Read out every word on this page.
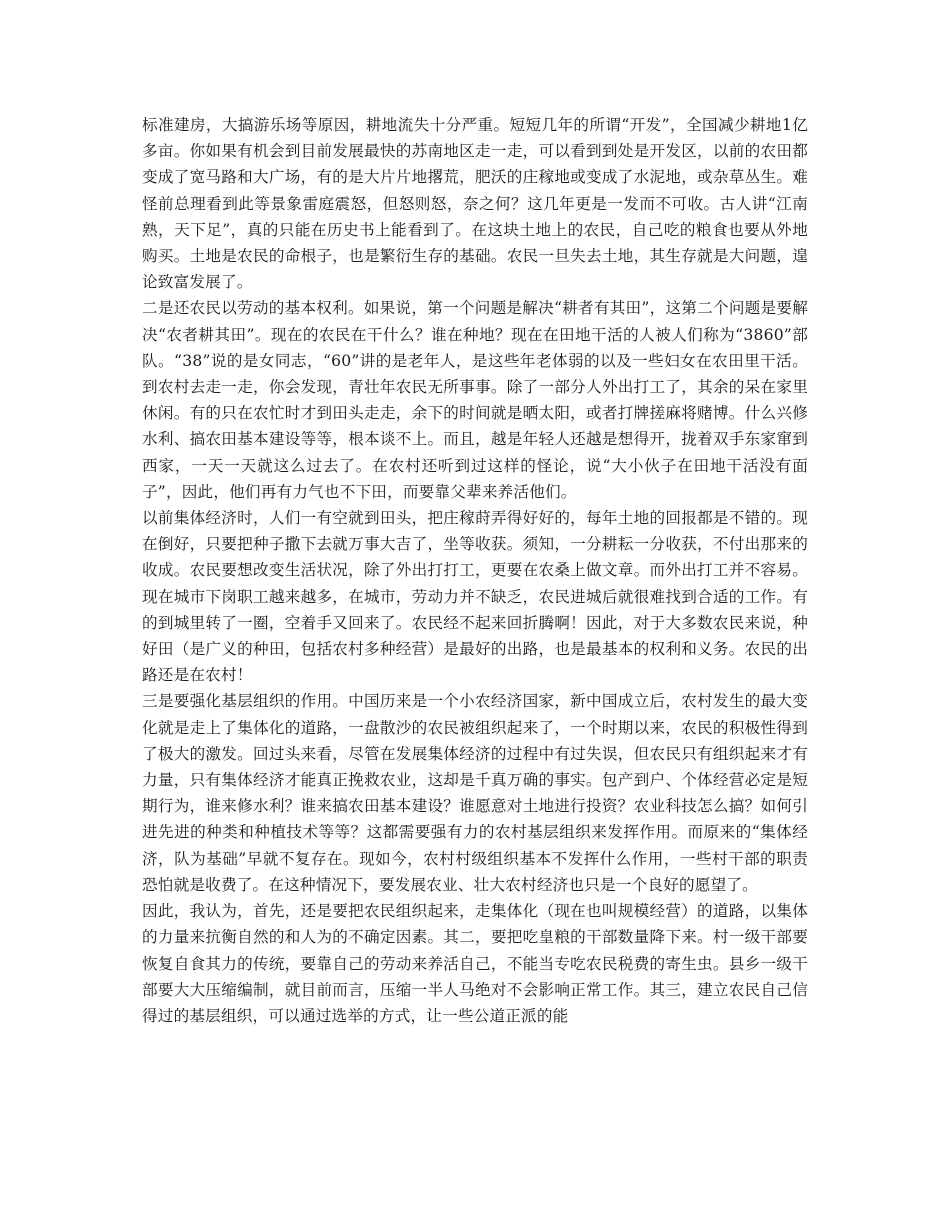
标准建房，大搞游乐场等原因，耕地流失十分严重。短短几年的所谓“开发”，全国减少耕地1亿多亩。你如果有机会到目前发展最快的苏南地区走一走，可以看到到处是开发区，以前的农田都变成了宽马路和大广场，有的是大片片地撂荒，肥沃的庄稼地或变成了水泥地，或杂草丛生。难怪前总理看到此等景象雷庭震怒，但怒则怒，奈之何？这几年更是一发而不可收。古人讲“江南熟，天下足”，真的只能在历史书上能看到了。在这块土地上的农民，自己吃的粮食也要从外地购买。土地是农民的命根子，也是繁衍生存的基础。农民一旦失去土地，其生存就是大问题，遑论致富发展了。

二是还农民以劳动的基本权利。如果说，第一个问题是解决“耕者有其田”，这第二个问题是要解决“农者耕其田”。现在的农民在干什么？谁在种地？现在在田地干活的人被人们称为“3860”部队。“38”说的是女同志，“60”讲的是老年人，是这些年老体弱的以及一些妇女在农田里干活。到农村去走一走，你会发现，青壮年农民无所事事。除了一部分人外出打工了，其余的呆在家里休闲。有的只在农忙时才到田头走走，余下的时间就是晒太阳，或者打牌搓麻将赌博。什么兴修水利、搞农田基本建设等等，根本谈不上。而且，越是年轻人还越是想得开，拢着双手东家窜到西家，一天一天就这么过去了。在农村还听到过这样的怪论，说“大小伙子在田地干活没有面子”，因此，他们再有力气也不下田，而要靠父辈来养活他们。

以前集体经济时，人们一有空就到田头，把庄稼莳弄得好好的，每年土地的回报都是不错的。现在倒好，只要把种子撒下去就万事大吉了，坐等收获。须知，一分耕耘一分收获，不付出那来的收成。农民要想改变生活状况，除了外出打打工，更要在农桑上做文章。而外出打工并不容易。现在城市下岗职工越来越多，在城市，劳动力并不缺乏，农民进城后就很难找到合适的工作。有的到城里转了一圈，空着手又回来了。农民经不起来回折腾啊！因此，对于大多数农民来说，种好田（是广义的种田，包括农村多种经营）是最好的出路，也是最基本的权利和义务。农民的出路还是在农村！

三是要强化基层组织的作用。中国历来是一个小农经济国家，新中国成立后，农村发生的最大变化就是走上了集体化的道路，一盘散沙的农民被组织起来了，一个时期以来，农民的积极性得到了极大的激发。回过头来看，尽管在发展集体经济的过程中有过失误，但农民只有组织起来才有力量，只有集体经济才能真正挽救农业，这却是千真万确的事实。包产到户、个体经营必定是短期行为，谁来修水利？谁来搞农田基本建设？谁愿意对土地进行投资？农业科技怎么搞？如何引进先进的种类和种植技术等等？这都需要强有力的农村基层组织来发挥作用。而原来的“集体经济，队为基础”早就不复存在。现如今，农村村级组织基本不发挥什么作用，一些村干部的职责恐怕就是收费了。在这种情况下，要发展农业、壮大农村经济也只是一个良好的愿望了。

因此，我认为，首先，还是要把农民组织起来，走集体化（现在也叫规模经营）的道路，以集体的力量来抗衡自然的和人为的不确定因素。其二，要把吃皇粮的干部数量降下来。村一级干部要恢复自食其力的传统，要靠自己的劳动来养活自己，不能当专吃农民税费的寄生虫。县乡一级干部要大大压缩编制，就目前而言，压缩一半人马绝对不会影响正常工作。其三，建立农民自己信得过的基层组织，可以通过选举的方式，让一些公道正派的能
